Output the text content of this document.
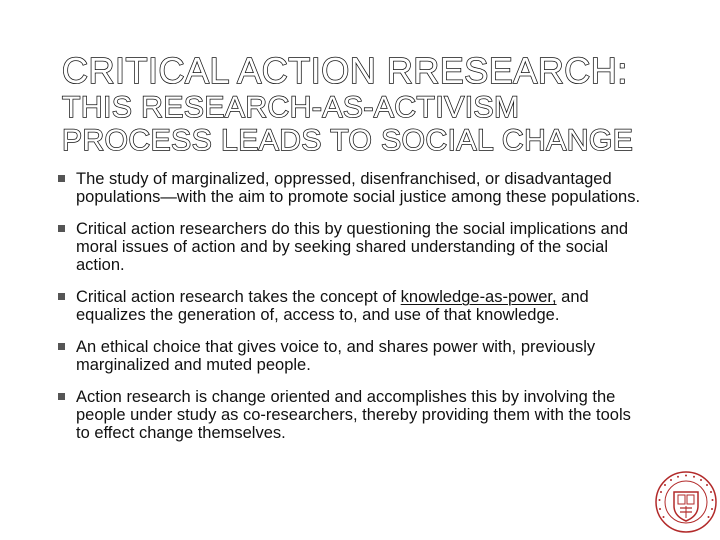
CRITICAL ACTION RRESEARCH:
THIS RESEARCH-AS-ACTIVISM
PROCESS LEADS TO SOCIAL CHANGE
The study of marginalized, oppressed, disenfranchised, or disadvantaged populations—with the aim to promote social justice among these populations.
Critical action researchers do this by questioning the social implications and moral issues of action and by seeking shared understanding of the social action.
Critical action research takes the concept of knowledge-as-power, and equalizes the generation of, access to, and use of that knowledge.
An ethical choice that gives voice to, and shares power with, previously marginalized and muted people.
Action research is change oriented and accomplishes this by involving the people under study as co-researchers, thereby providing them with the tools to effect change themselves.
